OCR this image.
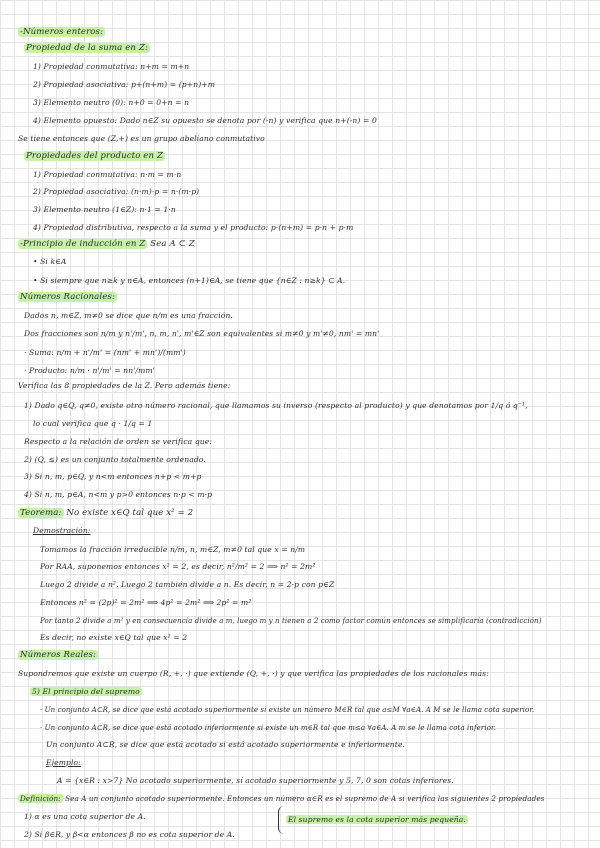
-Números enteros:
Propiedad de la suma en Z:
1) Propiedad conmutativa: n+m = m+n
2) Propiedad asociativa: p+(n+m) = (p+n)+m
3) Elemento neutro (0): n+0 = 0+n = n
4) Elemento opuesto: Dado n∈Z su opuesto se denota por (-n) y verifica que n+(-n) = 0
Se tiene entonces que (Z,+) es un grupo abeliano conmutativo
Propiedades del producto en Z
1) Propiedad conmutativa: n·m = m·n
2) Propiedad asociativa: (n·m)·p = n·(m·p)
3) Elemento neutro (1∈Z): n·1 = 1·n
4) Propiedad distributiva, respecto a la suma y el producto: p·(n+m) = p·n + p·m
-Principio de inducción en Z Sea A ⊂ Z
• Si k∈A
• Si siempre que n≥k y n∈A, entonces (n+1)∈A, se tiene que {n∈Z : n≥k} ⊂ A.
Números Racionales:
Dados n, m∈Z, m≠0 se dice que n/m es una fracción.
Dos fracciones son n/m y n'/m', n, m, n', m'∈Z son equivalentes si m≠0 y m'≠0, nm' = mn'
· Suma: n/m + n'/m' = (nm' + mn')/(mm')
· Producto: n/m · n'/m' = nn'/mm'
Verifica las 8 propiedades de la Z. Pero además tiene:
1) Dado q∈Q, q≠0, existe otro número racional, que llamamos su inverso (respecto al producto) y que denotamos por 1/q ó q⁻¹,
lo cual verifica que q · 1/q = 1
Respecto a la relación de orden se verifica que:
2) (Q, ≤) es un conjunto totalmente ordenado.
3) Si n, m, p∈Q, y n<m entonces n+p < m+p
4) Si n, m, p∈A, n<m y p>0 entonces n·p < m·p
Teorema: No existe x∈Q tal que x² = 2
Demostración:
Tomamos la fracción irreducible n/m, n, m∈Z, m≠0 tal que x = n/m
Por RAA, suponemos entonces x² = 2, es decir, n²/m² = 2 ⟹ n² = 2m²
Luego 2 divide a n². Luego 2 también divide a n. Es decir, n = 2·p con p∈Z
Entonces n² = (2p)² = 2m² ⟹ 4p² = 2m² ⟹ 2p² = m²
Por tanto 2 divide a m² y en consecuencia divide a m, luego m y n tienen a 2 como factor común entonces se simplificaría (contradicción)
Es decir, no existe x∈Q tal que x² = 2
Números Reales:
Supondremos que existe un cuerpo (R, +, ·) que extiende (Q, +, ·) y que verifica las propiedades de los racionales más:
5) El principio del supremo
· Un conjunto A⊂R, se dice que está acotado superiormente si existe un número M∈R tal que a≤M ∀a∈A. A M se le llama cota superior.
· Un conjunto A⊂R, se dice que está acotado inferiormente si existe un m∈R tal que m≤a ∀a∈A. A m se le llama cota inferior.
Un conjunto A⊂R, se dice que está acotado si está acotado superiormente e inferiormente.
Ejemplo:
A = {x∈R : x>7} No acotado superiormente, sí acotado superiormente y 5, 7, 0 son cotas inferiores.
Definición: Sea A un conjunto acotado superiormente. Entonces un número α∈R es el supremo de A si verifica las siguientes 2 propiedades
1) α es una cota superior de A.
2) Si β∈R, y β<α entonces β no es cota superior de A.
El supremo es la cota superior más pequeña.
